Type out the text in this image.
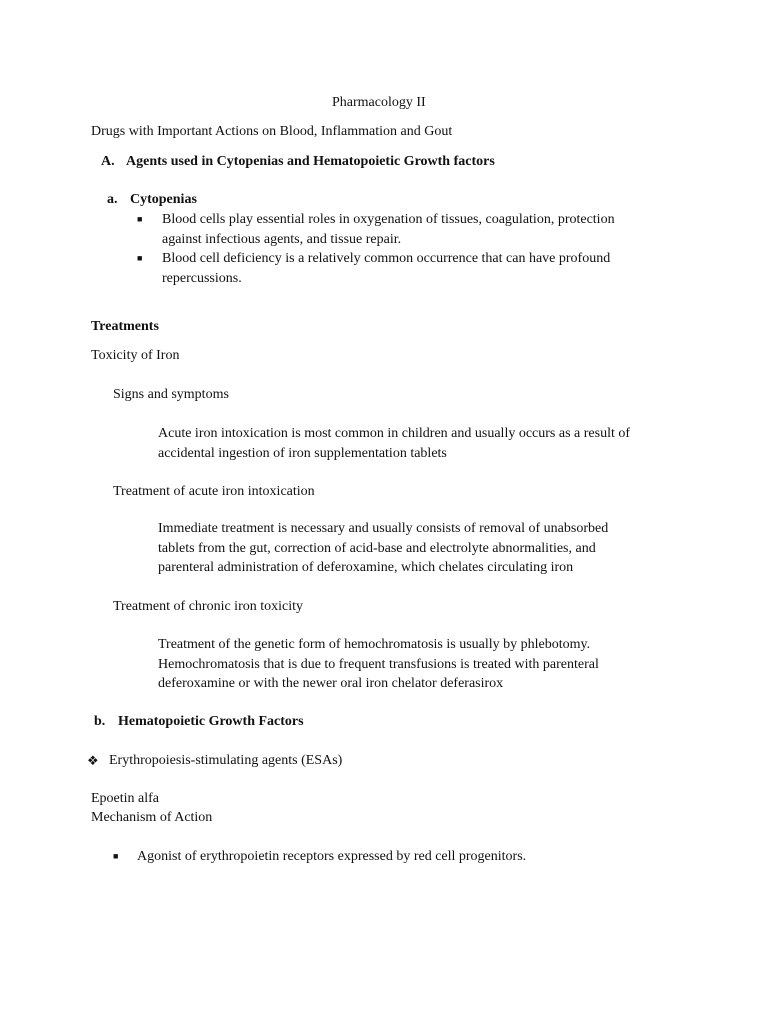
Pharmacology II
Drugs with Important Actions on Blood, Inflammation and Gout
A. Agents used in Cytopenias and Hematopoietic Growth factors
a. Cytopenias
■ Blood cells play essential roles in oxygenation of tissues, coagulation, protection
against infectious agents, and tissue repair.
■ Blood cell deficiency is a relatively common occurrence that can have profound
repercussions.
Treatments
Toxicity of Iron
Signs and symptoms
Acute iron intoxication is most common in children and usually occurs as a result of
accidental ingestion of iron supplementation tablets
Treatment of acute iron intoxication
Immediate treatment is necessary and usually consists of removal of unabsorbed
tablets from the gut, correction of acid-base and electrolyte abnormalities, and
parenteral administration of deferoxamine, which chelates circulating iron
Treatment of chronic iron toxicity
Treatment of the genetic form of hemochromatosis is usually by phlebotomy.
Hemochromatosis that is due to frequent transfusions is treated with parenteral
deferoxamine or with the newer oral iron chelator deferasirox
b. Hematopoietic Growth Factors
❖ Erythropoiesis-stimulating agents (ESAs)
Epoetin alfa
Mechanism of Action
■ Agonist of erythropoietin receptors expressed by red cell progenitors.
